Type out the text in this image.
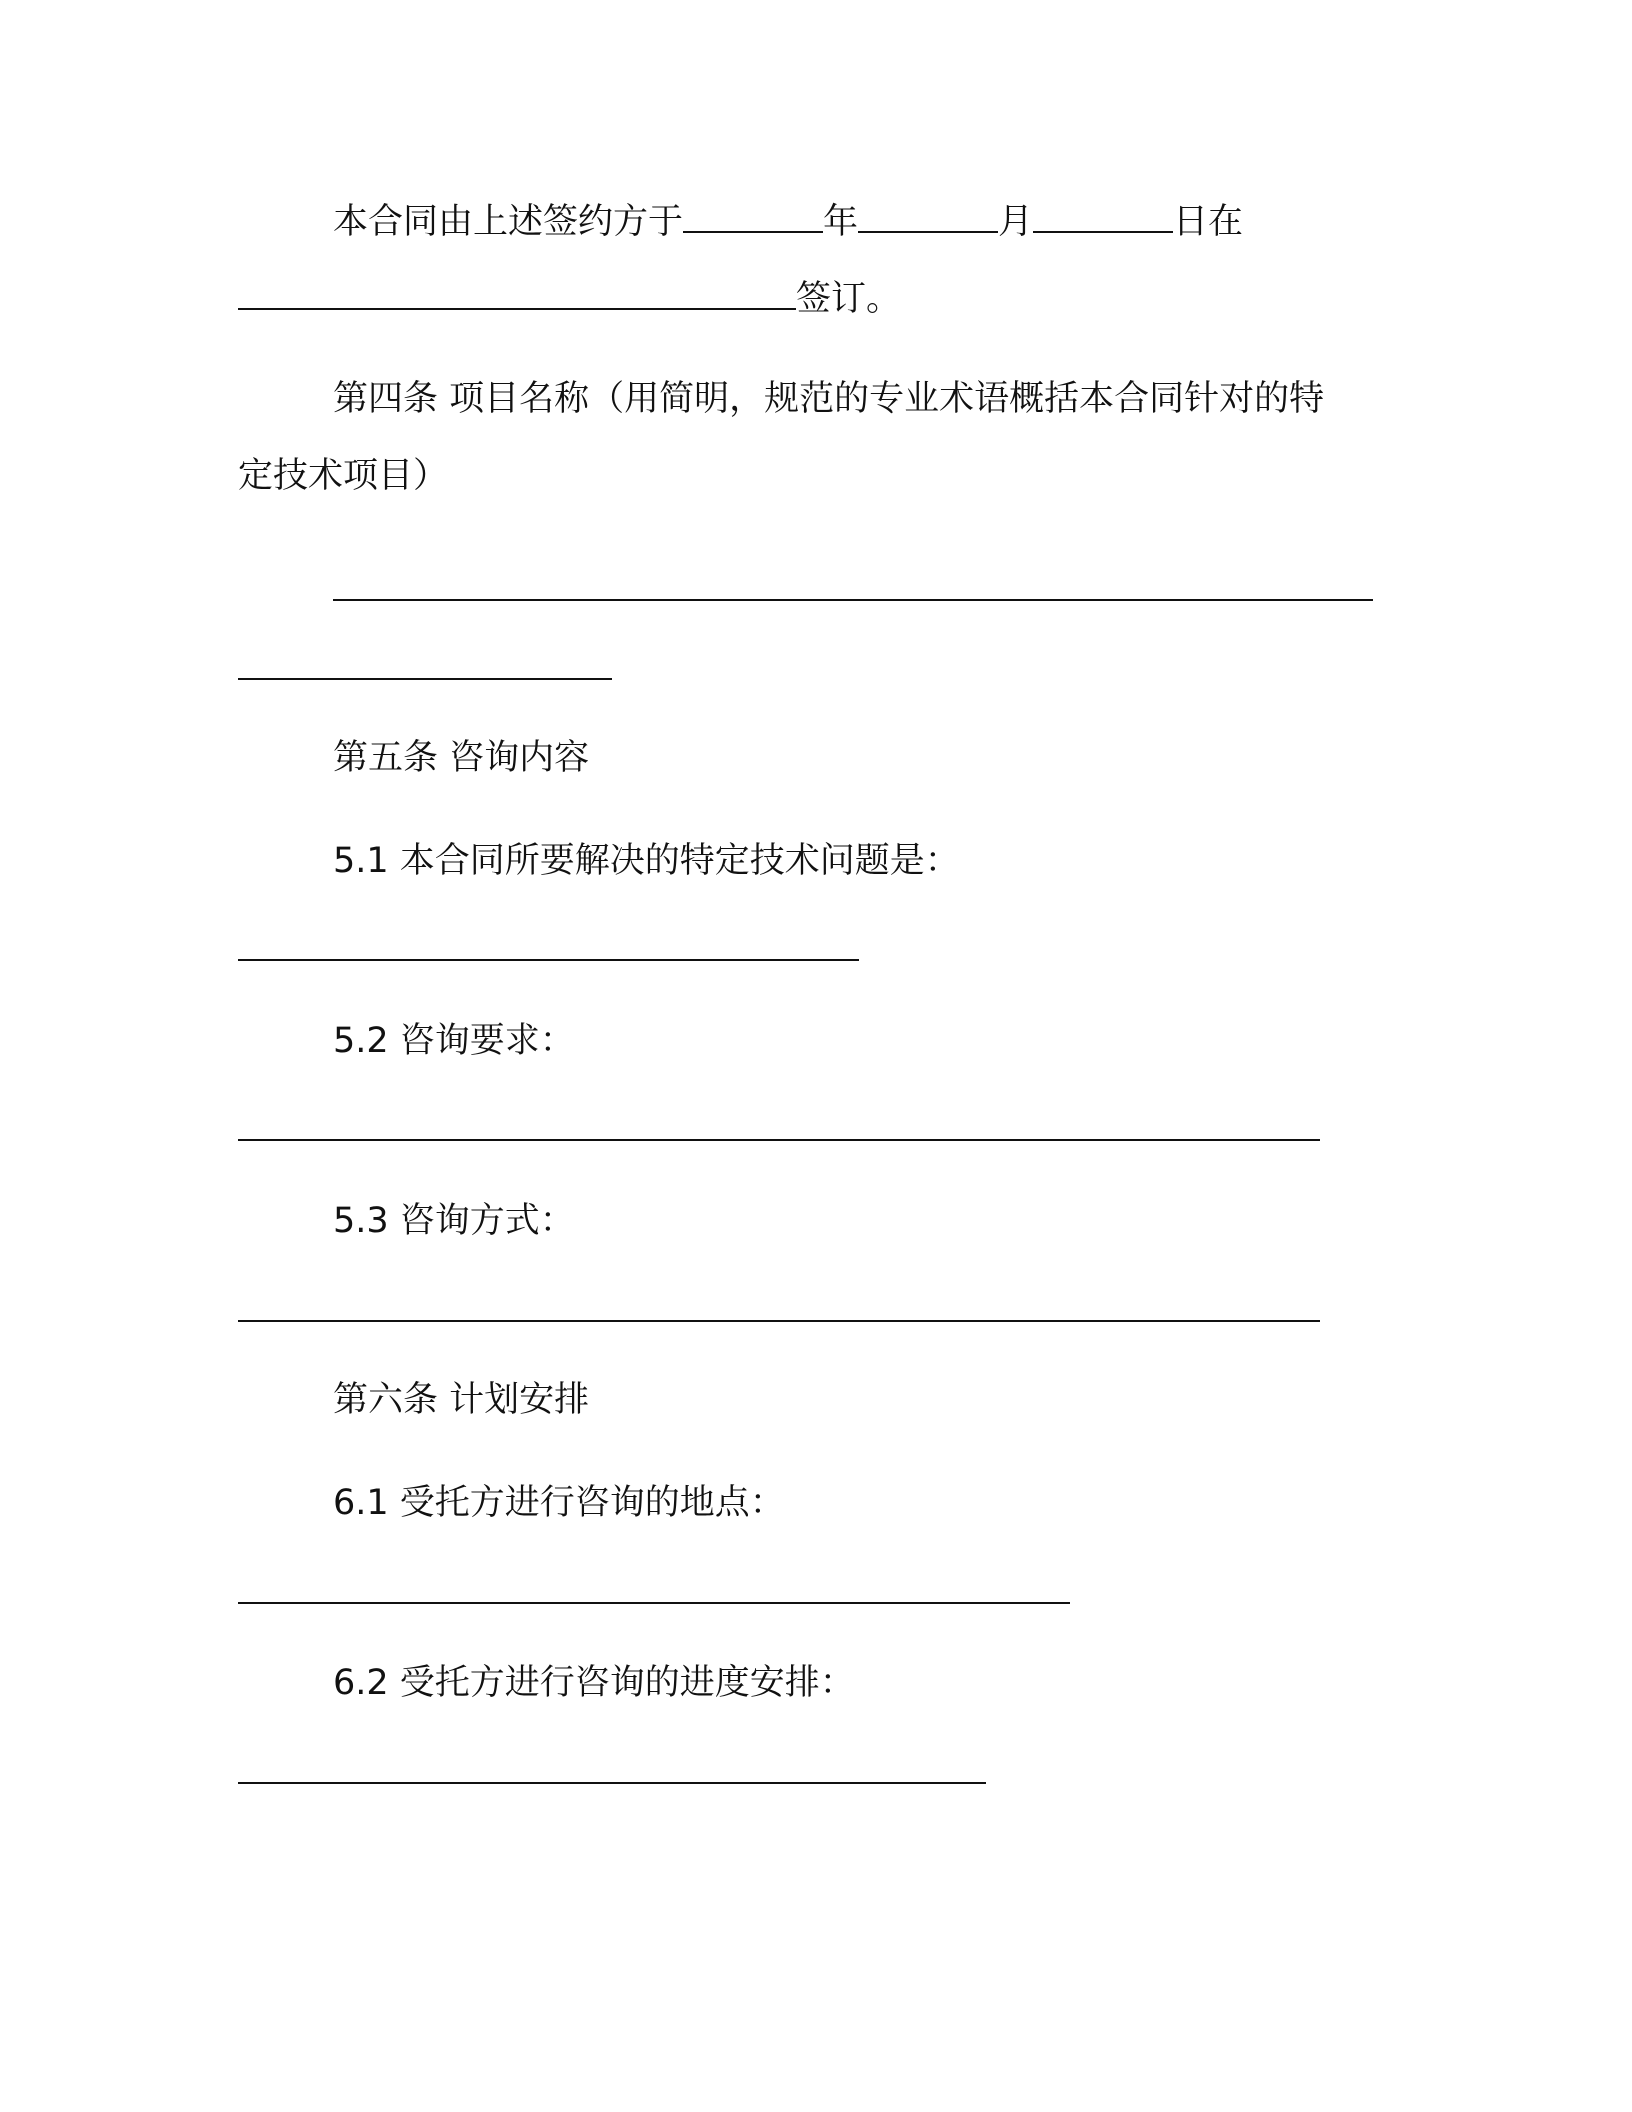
本合同由上述签约方于	年	月	日在

签订。

第四条 项目名称（用简明，规范的专业术语概括本合同针对的特

定技术项目）

第五条 咨询内容

5.1 本合同所要解决的特定技术问题是：

5.2 咨询要求：

5.3 咨询方式：

第六条 计划安排

6.1 受托方进行咨询的地点：

6.2 受托方进行咨询的进度安排：
